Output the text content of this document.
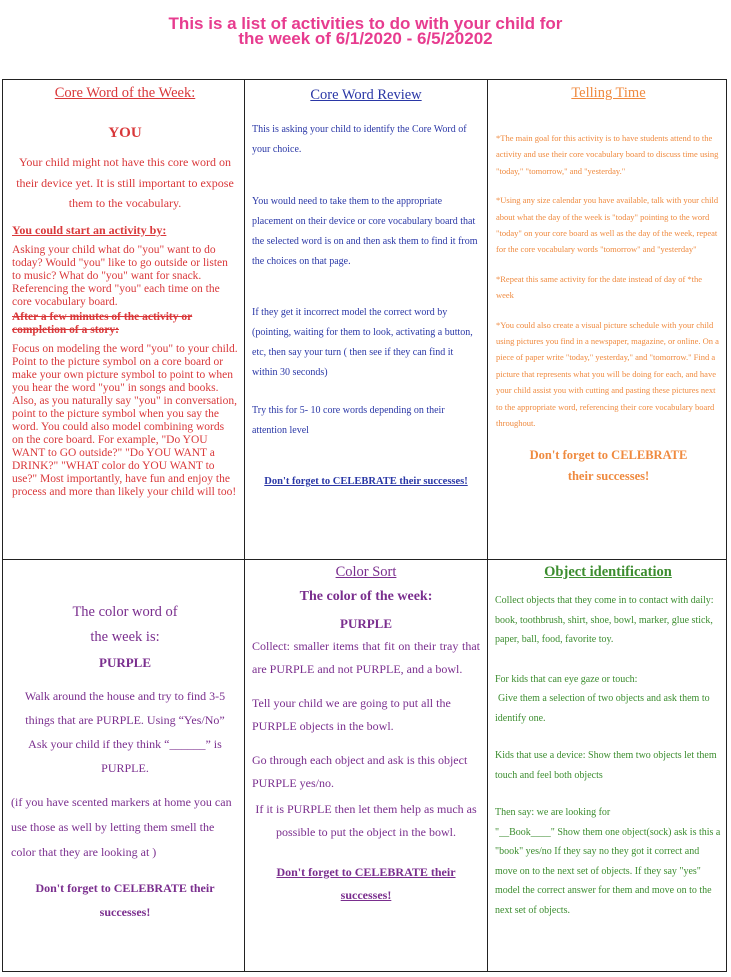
This is a list of activities to do with your child for
the week of 6/1/2020 - 6/5/20202
Core Word of the Week:
YOU
Your child might not have this core word on their device yet. It is still important to expose them to the vocabulary.
You could start an activity by:
Asking your child what do "you" want to do today? Would "you" like to go outside or listen to music? What do "you" want for snack. Referencing the word "you" each time on the core vocabulary board.
After a few minutes of the activity or completion of a story:
Focus on modeling the word "you" to your child. Point to the picture symbol on a core board or make your own picture symbol to point to when you hear the word "you" in songs and books. Also, as you naturally say "you" in conversation, point to the picture symbol when you say the word. You could also model combining words on the core board. For example, "Do YOU WANT to GO outside?" "Do YOU WANT a DRINK?" "WHAT color do YOU WANT to use?" Most importantly, have fun and enjoy the process and more than likely your child will too!
Core Word Review
This is asking your child to identify the Core Word of your choice.
You would need to take them to the appropriate placement on their device or core vocabulary board that the selected word is on and then ask them to find it from the choices on that page.
If they get it incorrect model the correct word by (pointing, waiting for them to look, activating a button, etc, then say your turn ( then see if they can find it within 30 seconds)
Try this for 5- 10 core words depending on their attention level
Don't forget to CELEBRATE their successes!
Telling Time
*The main goal for this activity is to have students attend to the activity and use their core vocabulary board to discuss time using "today," "tomorrow," and "yesterday."
*Using any size calendar you have available, talk with your child about what the day of the week is "today" pointing to the word "today" on your core board as well as the day of the week, repeat for the core vocabulary words "tomorrow" and "yesterday"
*Repeat this same activity for the date instead of day of *the week
*You could also create a visual picture schedule with your child using pictures you find in a newspaper, magazine, or online. On a piece of paper write "today," yesterday," and "tomorrow." Find a picture that represents what you will be doing for each, and have your child assist you with cutting and pasting these pictures next to the appropriate word, referencing their core vocabulary board throughout.
Don't forget to CELEBRATE their successes!
The color word of
the week is:
PURPLE
Walk around the house and try to find 3-5 things that are PURPLE. Using “Yes/No”
Ask your child if they think “______” is PURPLE.
(if you have scented markers at home you can use those as well by letting them smell the color that they are looking at )
Don't forget to CELEBRATE their successes!
Color Sort
The color of the week:
PURPLE
Collect: smaller items that fit on their tray that are PURPLE and not PURPLE, and a bowl.
Tell your child we are going to put all the PURPLE objects in the bowl.
Go through each object and ask is this object PURPLE yes/no.
If it is PURPLE then let them help as much as possible to put the object in the bowl.
Don't forget to CELEBRATE their successes!
Object identification
Collect objects that they come in to contact with daily: book, toothbrush, shirt, shoe, bowl, marker, glue stick, paper, ball, food, favorite toy.
For kids that can eye gaze or touch:
Give them a selection of two objects and ask them to identify one.
Kids that use a device: Show them two objects let them touch and feel both objects
Then say: we are looking for
"__Book____" Show them one object(sock) ask is this a "book" yes/no If they say no they got it correct and move on to the next set of objects. If they say "yes" model the correct answer for them and move on to the next set of objects.
